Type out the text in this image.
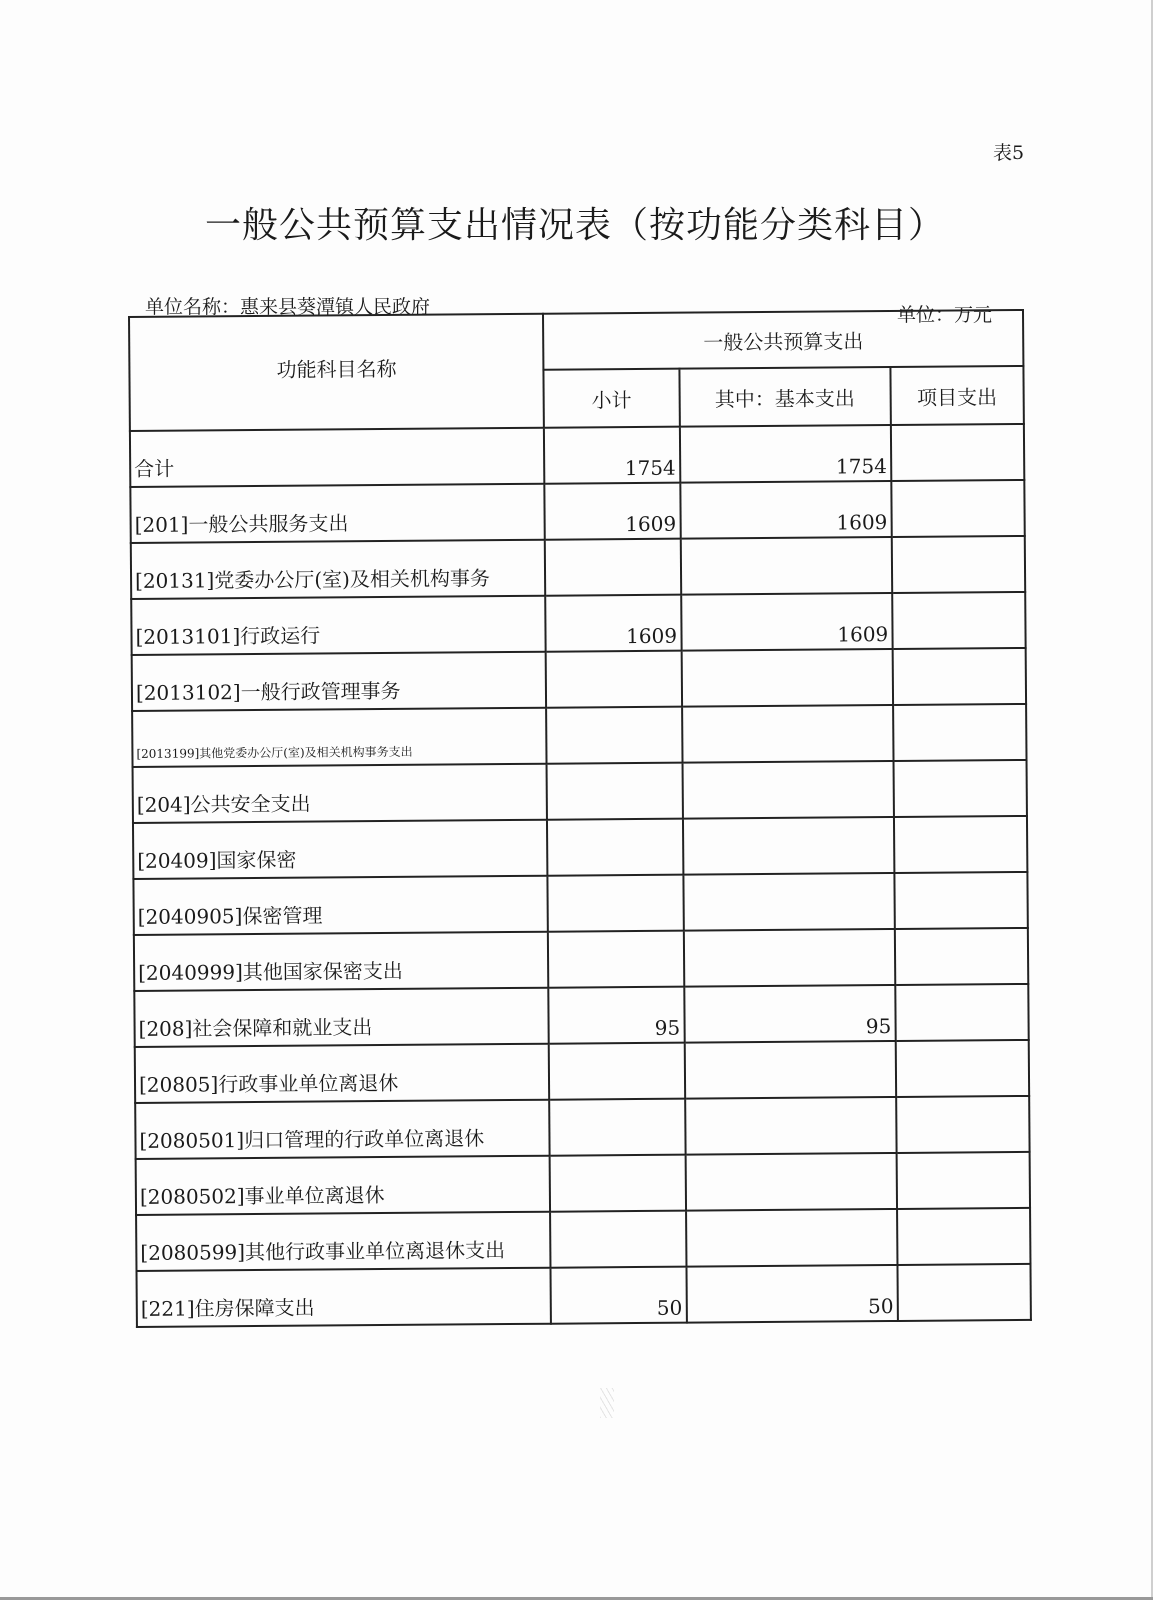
表5
一般公共预算支出情况表（按功能分类科目）
单位名称：惠来县葵潭镇人民政府	单位：万元
功能科目名称	一般公共预算支出		
	小计	其中：基本支出	项目支出
合计	1754	1754	
[201]一般公共服务支出	1609	1609	
[20131]党委办公厅(室)及相关机构事务			
[2013101]行政运行	1609	1609	
[2013102]一般行政管理事务			
[2013199]其他党委办公厅(室)及相关机构事务支出			
[204]公共安全支出			
[20409]国家保密			
[2040905]保密管理			
[2040999]其他国家保密支出			
[208]社会保障和就业支出	95	95	
[20805]行政事业单位离退休			
[2080501]归口管理的行政单位离退休			
[2080502]事业单位离退休			
[2080599]其他行政事业单位离退休支出			
[221]住房保障支出	50	50	
